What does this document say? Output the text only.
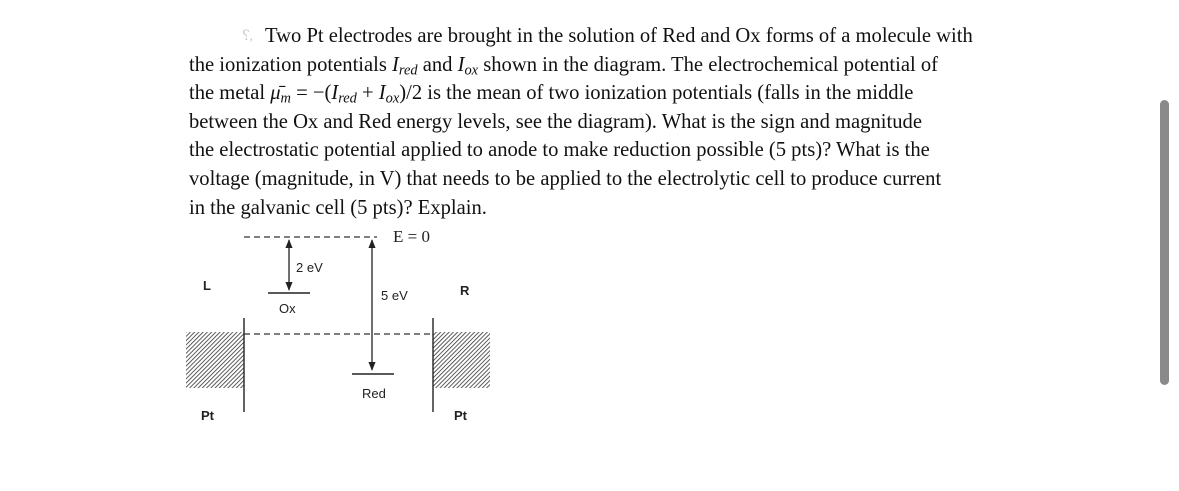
⸮, Two Pt electrodes are brought in the solution of Red and Ox forms of a molecule with
the ionization potentials $I_{red}$ and $I_{ox}$ shown in the diagram. The electrochemical potential of
the metal $\mū_m = -(I_{red} + I_{ox})/2$ is the mean of two ionization potentials (falls in the middle
between the Ox and Red energy levels, see the diagram). What is the sign and magnitude
the electrostatic potential applied to anode to make reduction possible (5 pts)? What is the
voltage (magnitude, in V) that needs to be applied to the electrolytic cell to produce current
in the galvanic cell (5 pts)? Explain.
E = 0
2 eV
Ox
5 eV
Red
L
Pt
R
Pt
